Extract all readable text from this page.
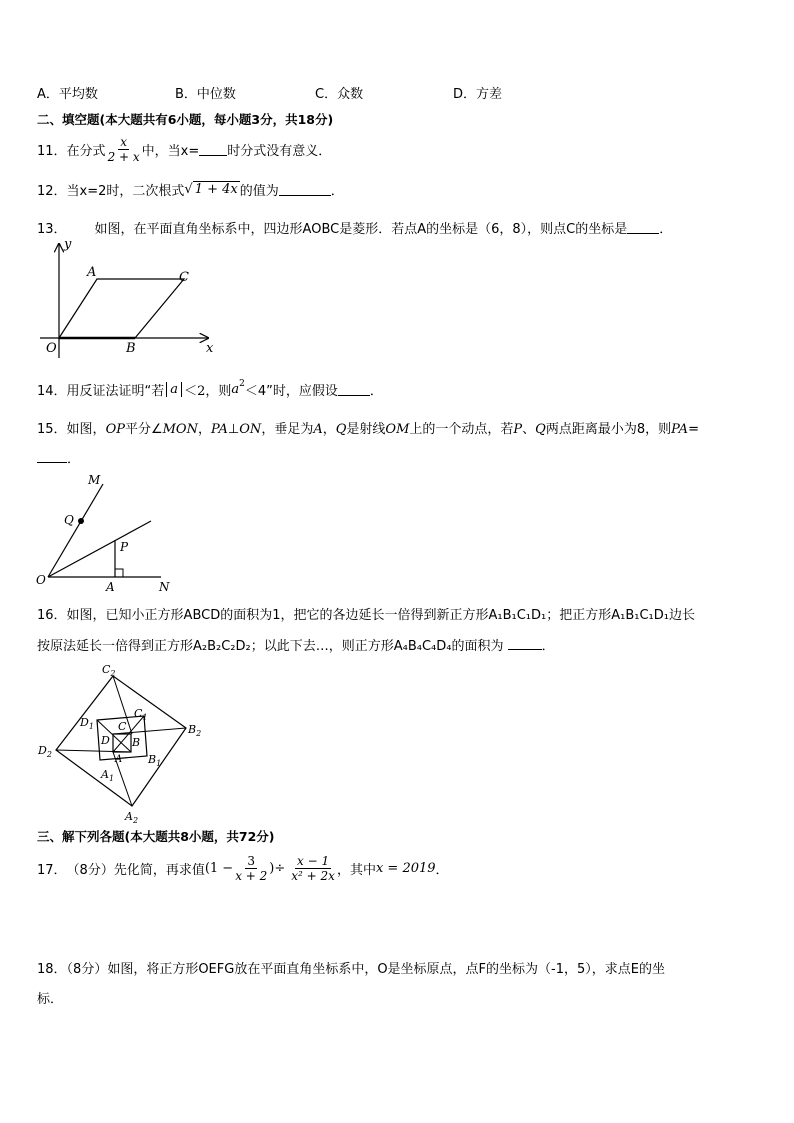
A．平均数	B．中位数	C．众数	D．方差
二、填空题(本大题共有6小题，每小题3分，共18分)
11． 在分式 $\frac{x}{2 + x}$ 中，当x= 时分式没有意义．
12． 当x=2时，二次根式 √ 1 + 4x 的值为	．
13． 如图，在平面直角坐标系中，四边形AOBC是菱形．若点A的坐标是（6，8），则点C的坐标是 ．
y
x
A	C
O	B
14． 用反证法证明“若 a ＜2，则 $a^2$
＜4”时，应假设 ．
15．如图，OP平分∠MON，PA⊥ON，垂足为A，Q是射线OM上的一个动点，若P、Q两点距离最小为8，则PA=
．
M
Q
P
O	A	N
16．如图，已知小正方形ABCD的面积为1，把它的各边延长一倍得到新正方形A₁B₁C₁D₁；把正方形A₁B₁C₁D₁边长
按原法延长一倍得到正方形A₂B₂C₂D₂；以此下去…，则正方形A₄B₄C₄D₄的面积为	．
$C_2$
$D_1$ C
$C_1$
D B
A
$B_2$
$D_2$	$B_1$
$A_1$
$A_2$
三、解下列各题(本大题共8小题，共72分)
17． （8分）先化简，再求值 ($1 - \frac{3}{x + 2}$ )÷ $\frac{x - 1}{\text{x² + 2x}}$ ，其中 x = 2019 ．
18．（8分）如图，将正方形OEFG放在平面直角坐标系中，O是坐标原点，点F的坐标为（-1，5），求点E的坐
标．
